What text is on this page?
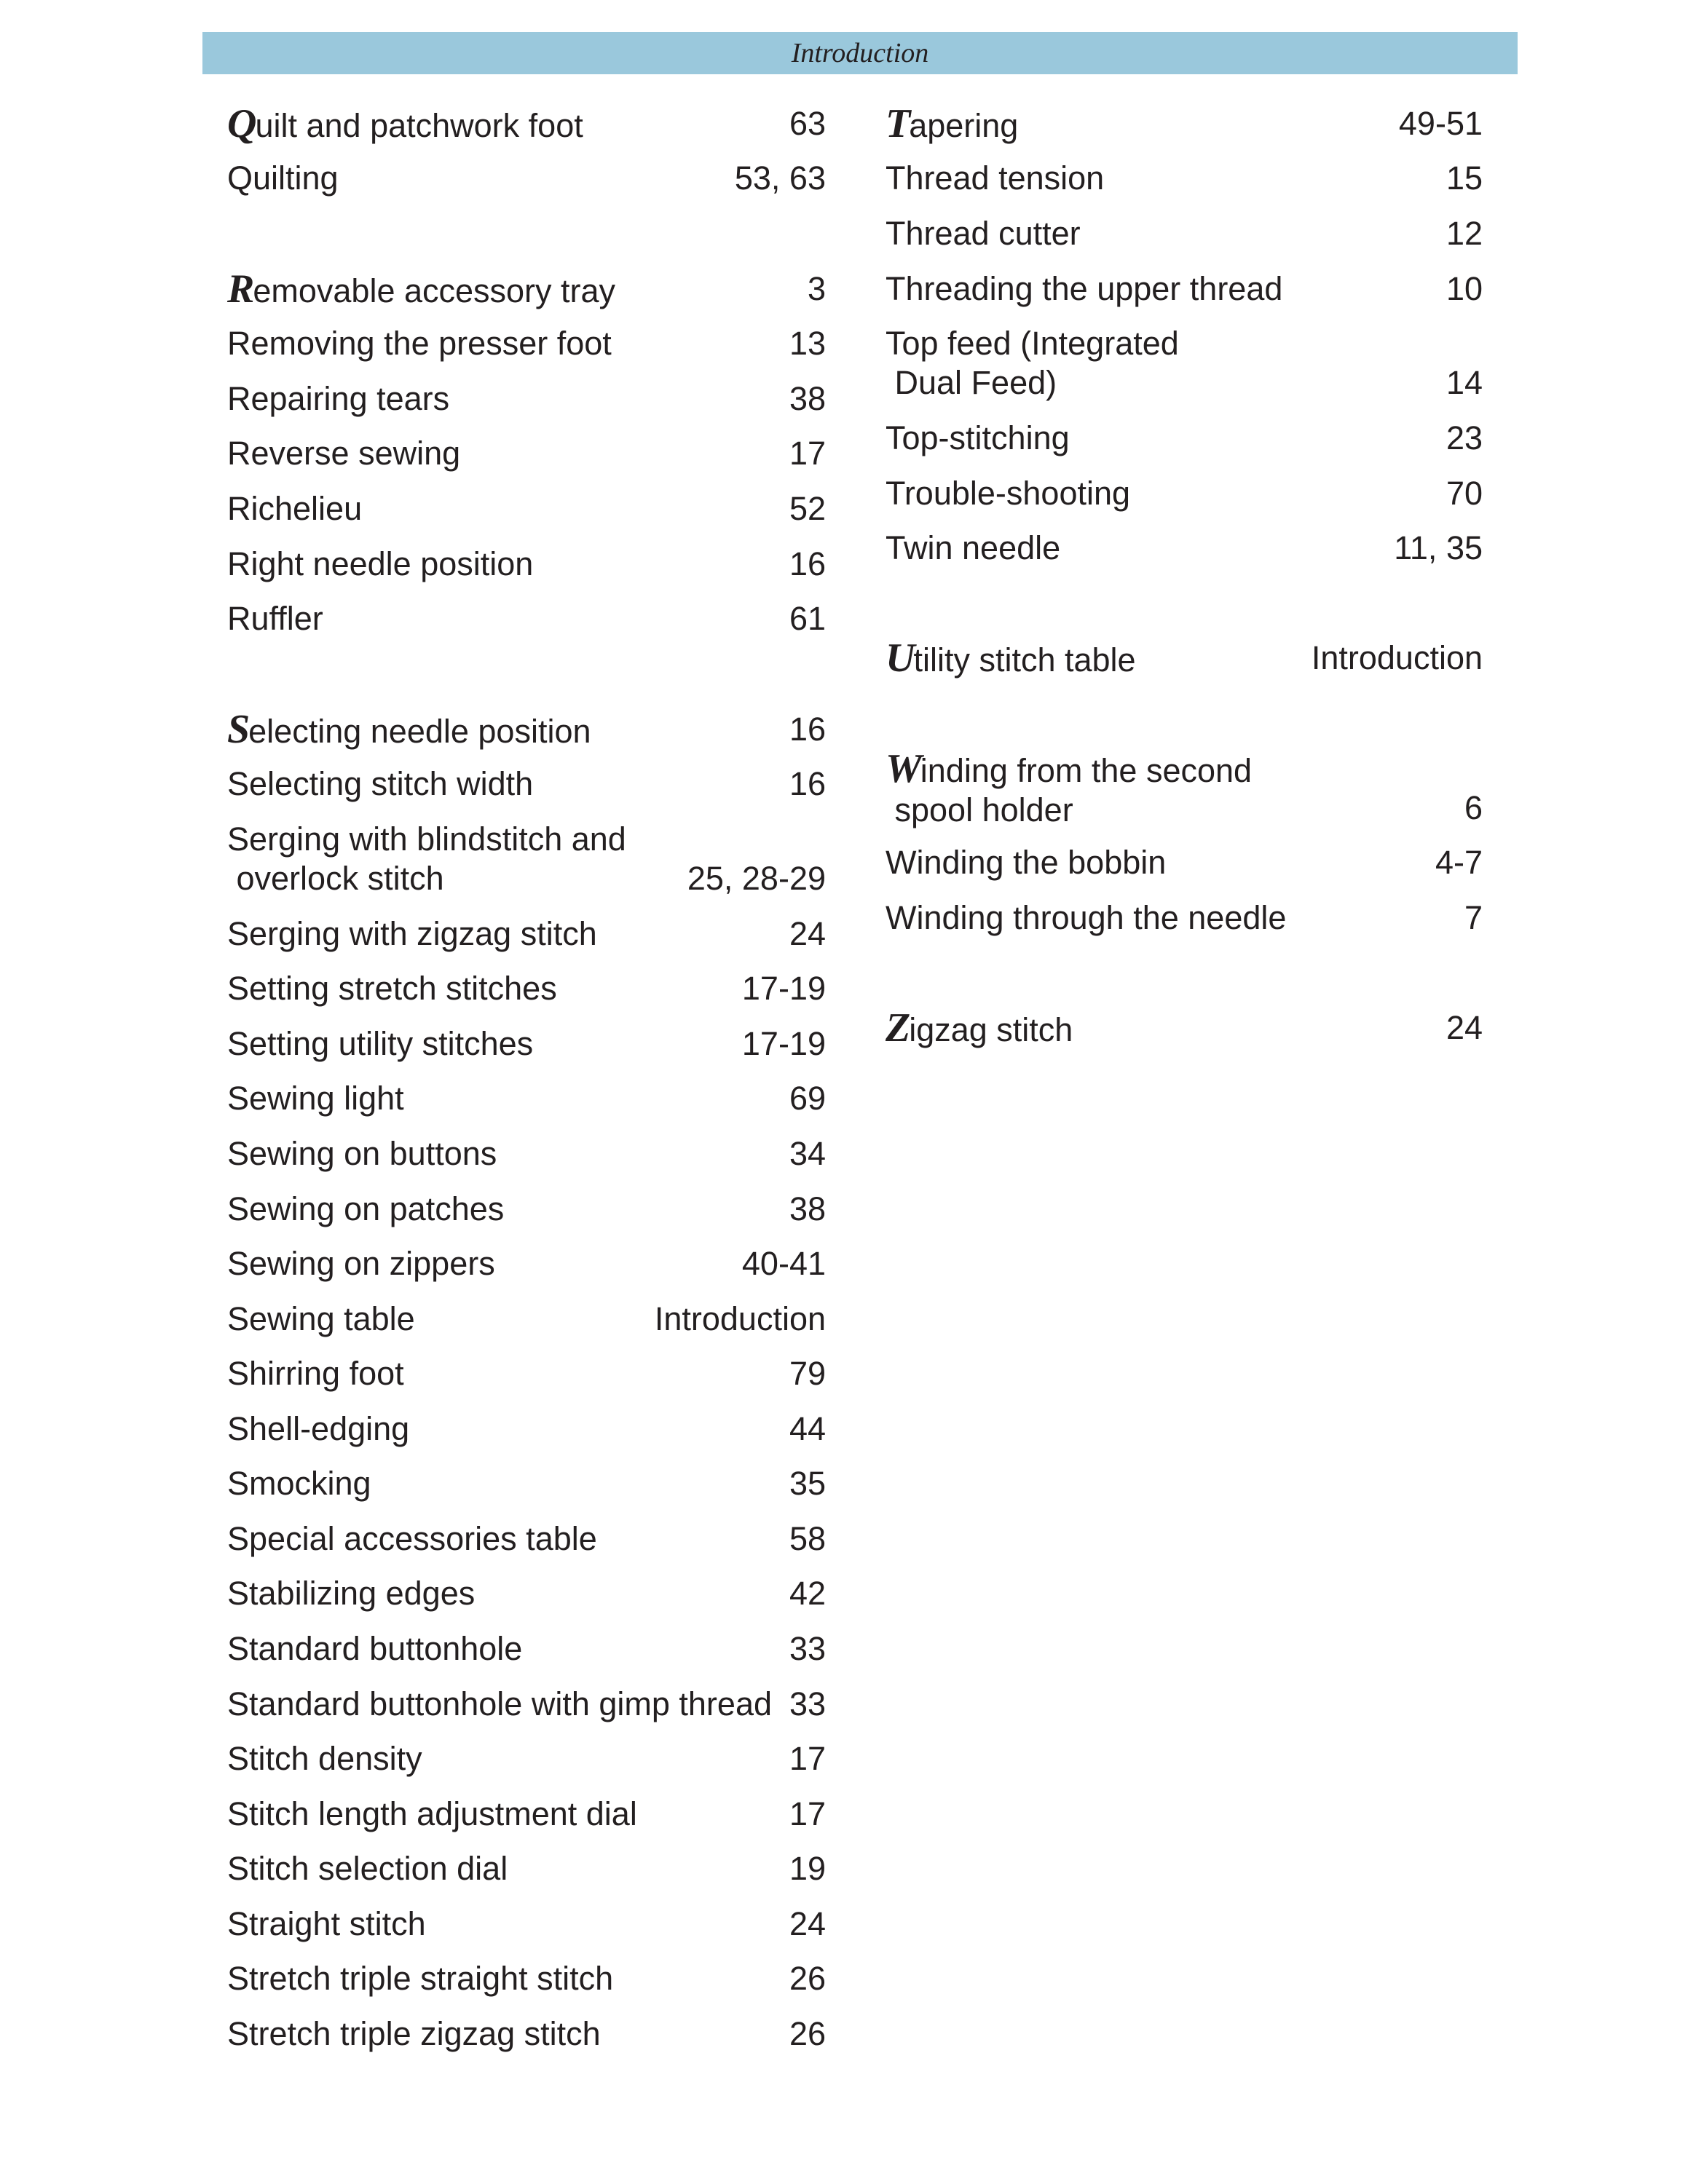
Introduction
Quilt and patchwork foot	63
Quilting	53, 63
Removable accessory tray	3
Removing the presser foot	13
Repairing tears	38
Reverse sewing	17
Richelieu	52
Right needle position	16
Ruffler	61
Selecting needle position	16
Selecting stitch width	16
Serging with blindstitch and
overlock stitch	25, 28-29
Serging with zigzag stitch	24
Setting stretch stitches	17-19
Setting utility stitches	17-19
Sewing light	69
Sewing on buttons	34
Sewing on patches	38
Sewing on zippers	40-41
Sewing table	Introduction
Shirring foot	79
Shell-edging	44
Smocking	35
Special accessories table	58
Stabilizing edges	42
Standard buttonhole	33
Standard buttonhole with gimp thread 33
Stitch density	17
Stitch length adjustment dial	17
Stitch selection dial	19
Straight stitch	24
Stretch triple straight stitch	26
Stretch triple zigzag stitch	26
Tapering	49-51
Thread tension	15
Thread cutter	12
Threading the upper thread	10
Top feed (Integrated
Dual Feed)	14
Top-stitching	23
Trouble-shooting	70
Twin needle	11, 35
Utility stitch table	Introduction
Winding from the second
spool holder	6
Winding the bobbin	4-7
Winding through the needle	7
Zigzag stitch	24
